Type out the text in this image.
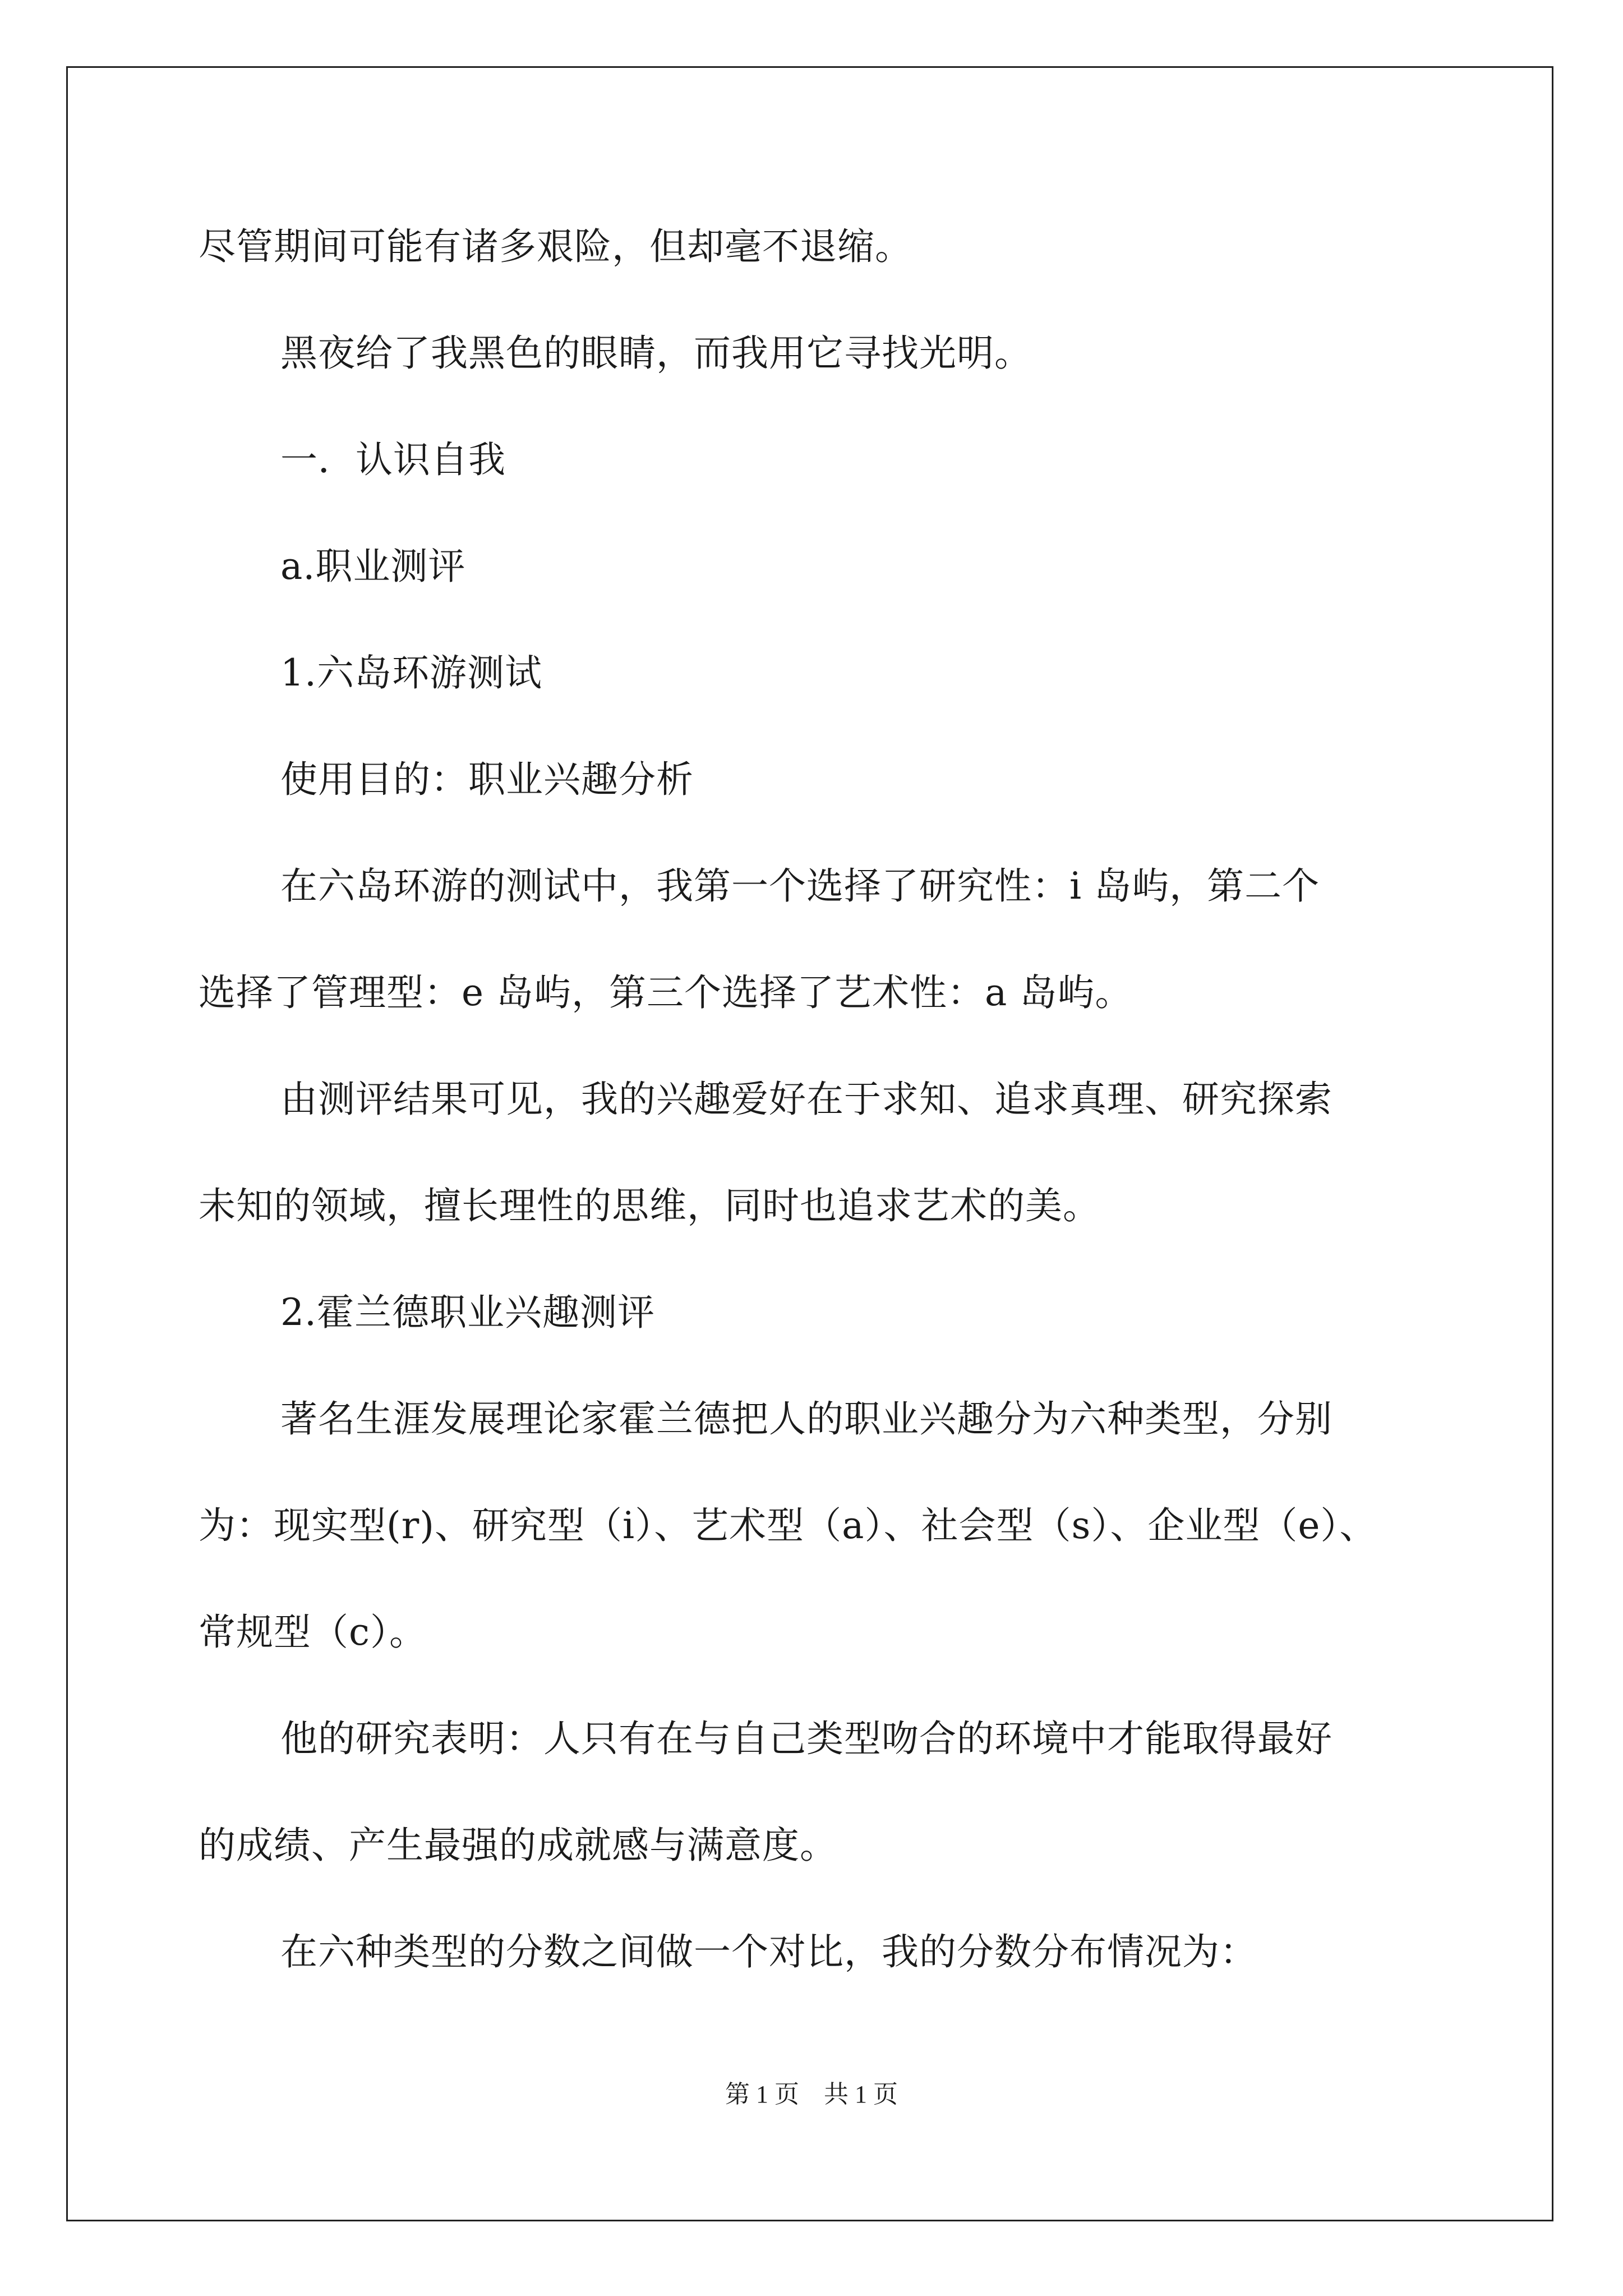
尽管期间可能有诸多艰险，但却毫不退缩。
黑夜给了我黑色的眼睛，而我用它寻找光明。
一．认识自我
a.职业测评
1.六岛环游测试
使用目的：职业兴趣分析
在六岛环游的测试中，我第一个选择了研究性：i 岛屿，第二个
选择了管理型：e 岛屿，第三个选择了艺术性：a 岛屿。
由测评结果可见，我的兴趣爱好在于求知、追求真理、研究探索
未知的领域，擅长理性的思维，同时也追求艺术的美。
2.霍兰德职业兴趣测评
著名生涯发展理论家霍兰德把人的职业兴趣分为六种类型，分别
为：现实型(r)、研究型（i）、艺术型（a）、社会型（s）、企业型（e）、
常规型（c）。
他的研究表明：人只有在与自己类型吻合的环境中才能取得最好
的成绩、产生最强的成就感与满意度。
在六种类型的分数之间做一个对比，我的分数分布情况为：
第 1 页    共 1 页
